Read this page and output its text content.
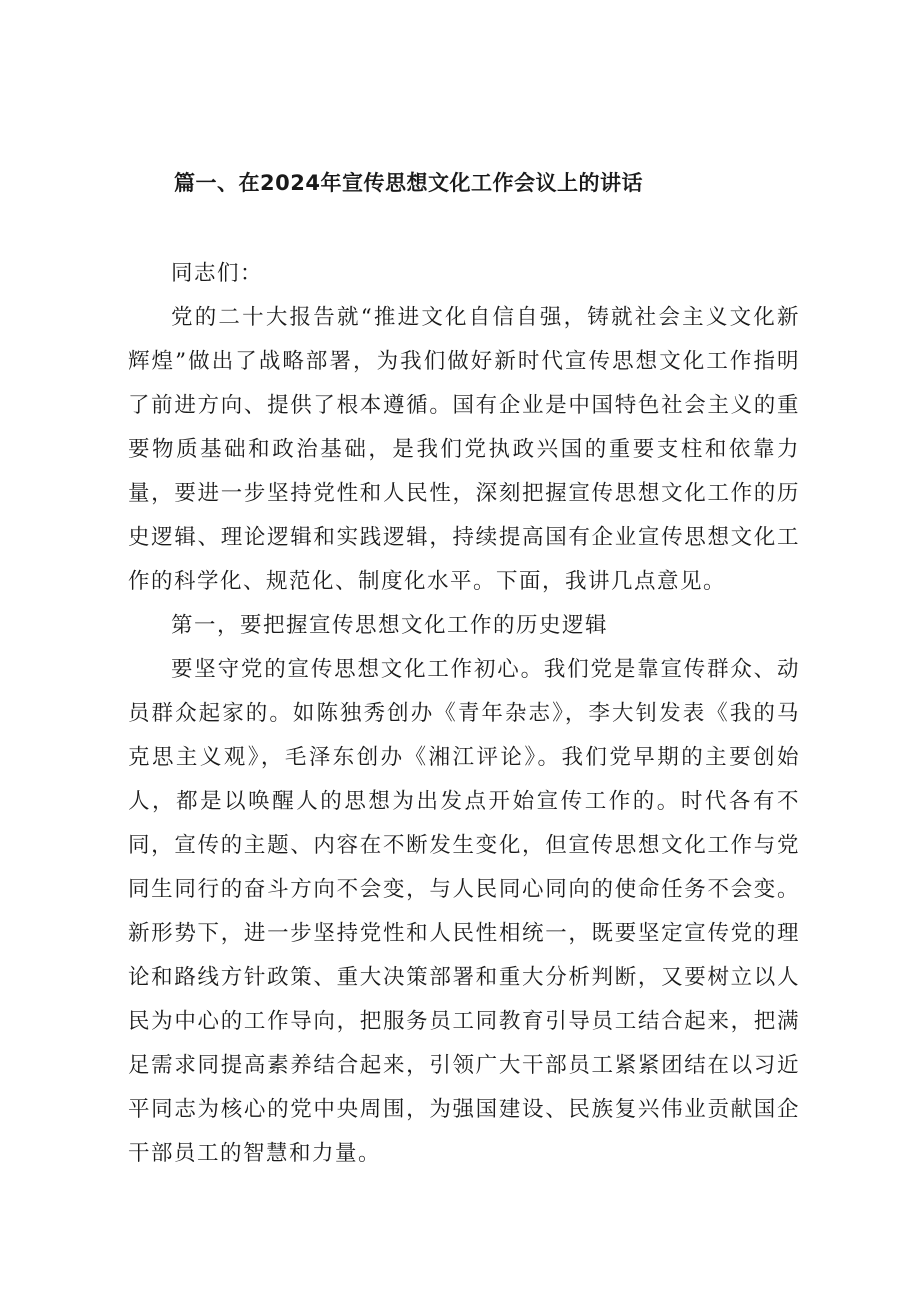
篇一、在2024年宣传思想文化工作会议上的讲话

同志们：

党的二十大报告就“推进文化自信自强，铸就社会主义文化新辉煌”做出了战略部署，为我们做好新时代宣传思想文化工作指明了前进方向、提供了根本遵循。国有企业是中国特色社会主义的重要物质基础和政治基础，是我们党执政兴国的重要支柱和依靠力量，要进一步坚持党性和人民性，深刻把握宣传思想文化工作的历史逻辑、理论逻辑和实践逻辑，持续提高国有企业宣传思想文化工作的科学化、规范化、制度化水平。下面，我讲几点意见。

第一，要把握宣传思想文化工作的历史逻辑

要坚守党的宣传思想文化工作初心。我们党是靠宣传群众、动员群众起家的。如陈独秀创办《青年杂志》，李大钊发表《我的马克思主义观》，毛泽东创办《湘江评论》。我们党早期的主要创始人，都是以唤醒人的思想为出发点开始宣传工作的。时代各有不同，宣传的主题、内容在不断发生变化，但宣传思想文化工作与党同生同行的奋斗方向不会变，与人民同心同向的使命任务不会变。新形势下，进一步坚持党性和人民性相统一，既要坚定宣传党的理论和路线方针政策、重大决策部署和重大分析判断，又要树立以人民为中心的工作导向，把服务员工同教育引导员工结合起来，把满足需求同提高素养结合起来，引领广大干部员工紧紧团结在以习近平同志为核心的党中央周围，为强国建设、民族复兴伟业贡献国企干部员工的智慧和力量。
